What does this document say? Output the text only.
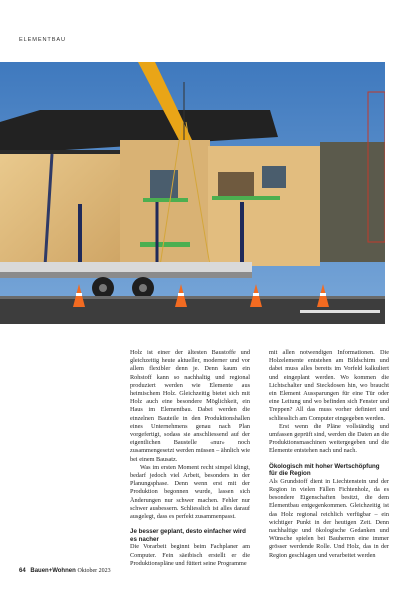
ELEMENTBAU

Holz ist einer der ältesten Baustoffe und gleichzeitig heute aktueller, moderner und vor allem flexibler denn je. Denn kaum ein Rohstoff kann so nachhaltig und regional produziert werden wie Elemente aus heimischem Holz. Gleichzeitig bietet sich mit Holz auch eine besondere Möglichkeit, ein Haus im Elementbau. Dabei werden die einzelnen Bauteile in den Produktionshallen eines Unternehmens genau nach Plan vorgefertigt, sodass sie anschliessend auf der eigentlichen Baustelle «nur» noch zusammengesetzt werden müssen – ähnlich wie bei einem Bausatz.

Was im ersten Moment recht simpel klingt, bedarf jedoch viel Arbeit, besonders in der Planungsphase. Denn wenn erst mit der Produktion begonnen wurde, lassen sich Änderungen nur schwer machen. Fehler nur schwer ausbessern. Schliesslich ist alles darauf ausgelegt, dass es perfekt zusammenpasst.

Je besser geplant, desto einfacher wird es nacher

Die Vorarbeit beginnt beim Fachplaner am Computer. Fein säeibisch erstellt er die Produktionspläne und füttert seine Programme

mit allen notwendigen Informationen. Die Holzelemente entstehen am Bildschirm und dabei muss alles bereits im Vorfeld kalkuliert und eingeplant werden. Wo kommen die Lichtschalter und Steckdosen hin, wo braucht ein Element Aussparungen für eine Tür oder eine Leitung und wo befinden sich Fenster und Treppen? All das muss vorher definiert und schliesslich am Computer eingegeben werden.

Erst wenn die Pläne vollständig und umfassen geprüft sind, werden die Daten an die Produktionsmaschinen weitergegeben und die Elemente entstehen nach und nach.

Ökologisch mit hoher Wertschöpfung für die Region

Als Grundstoff dient in Liechtenstein und der Region in vielen Fällen Fichtenholz, da es besondere Eigenschaften besitzt, die dem Elementbau entgegenkommen. Gleichzeitig ist das Holz regional reichlich verfügbar – ein wichtiger Punkt in der heutigen Zeit. Denn nachhaltige und ökologische Gedanken und Wünsche spielen bei Bauherren eine immer grösser werdende Rolle. Und Holz, das in der Region geschlagen und verarbeitet werden

64 Bauen+Wohnen Oktober 2023
